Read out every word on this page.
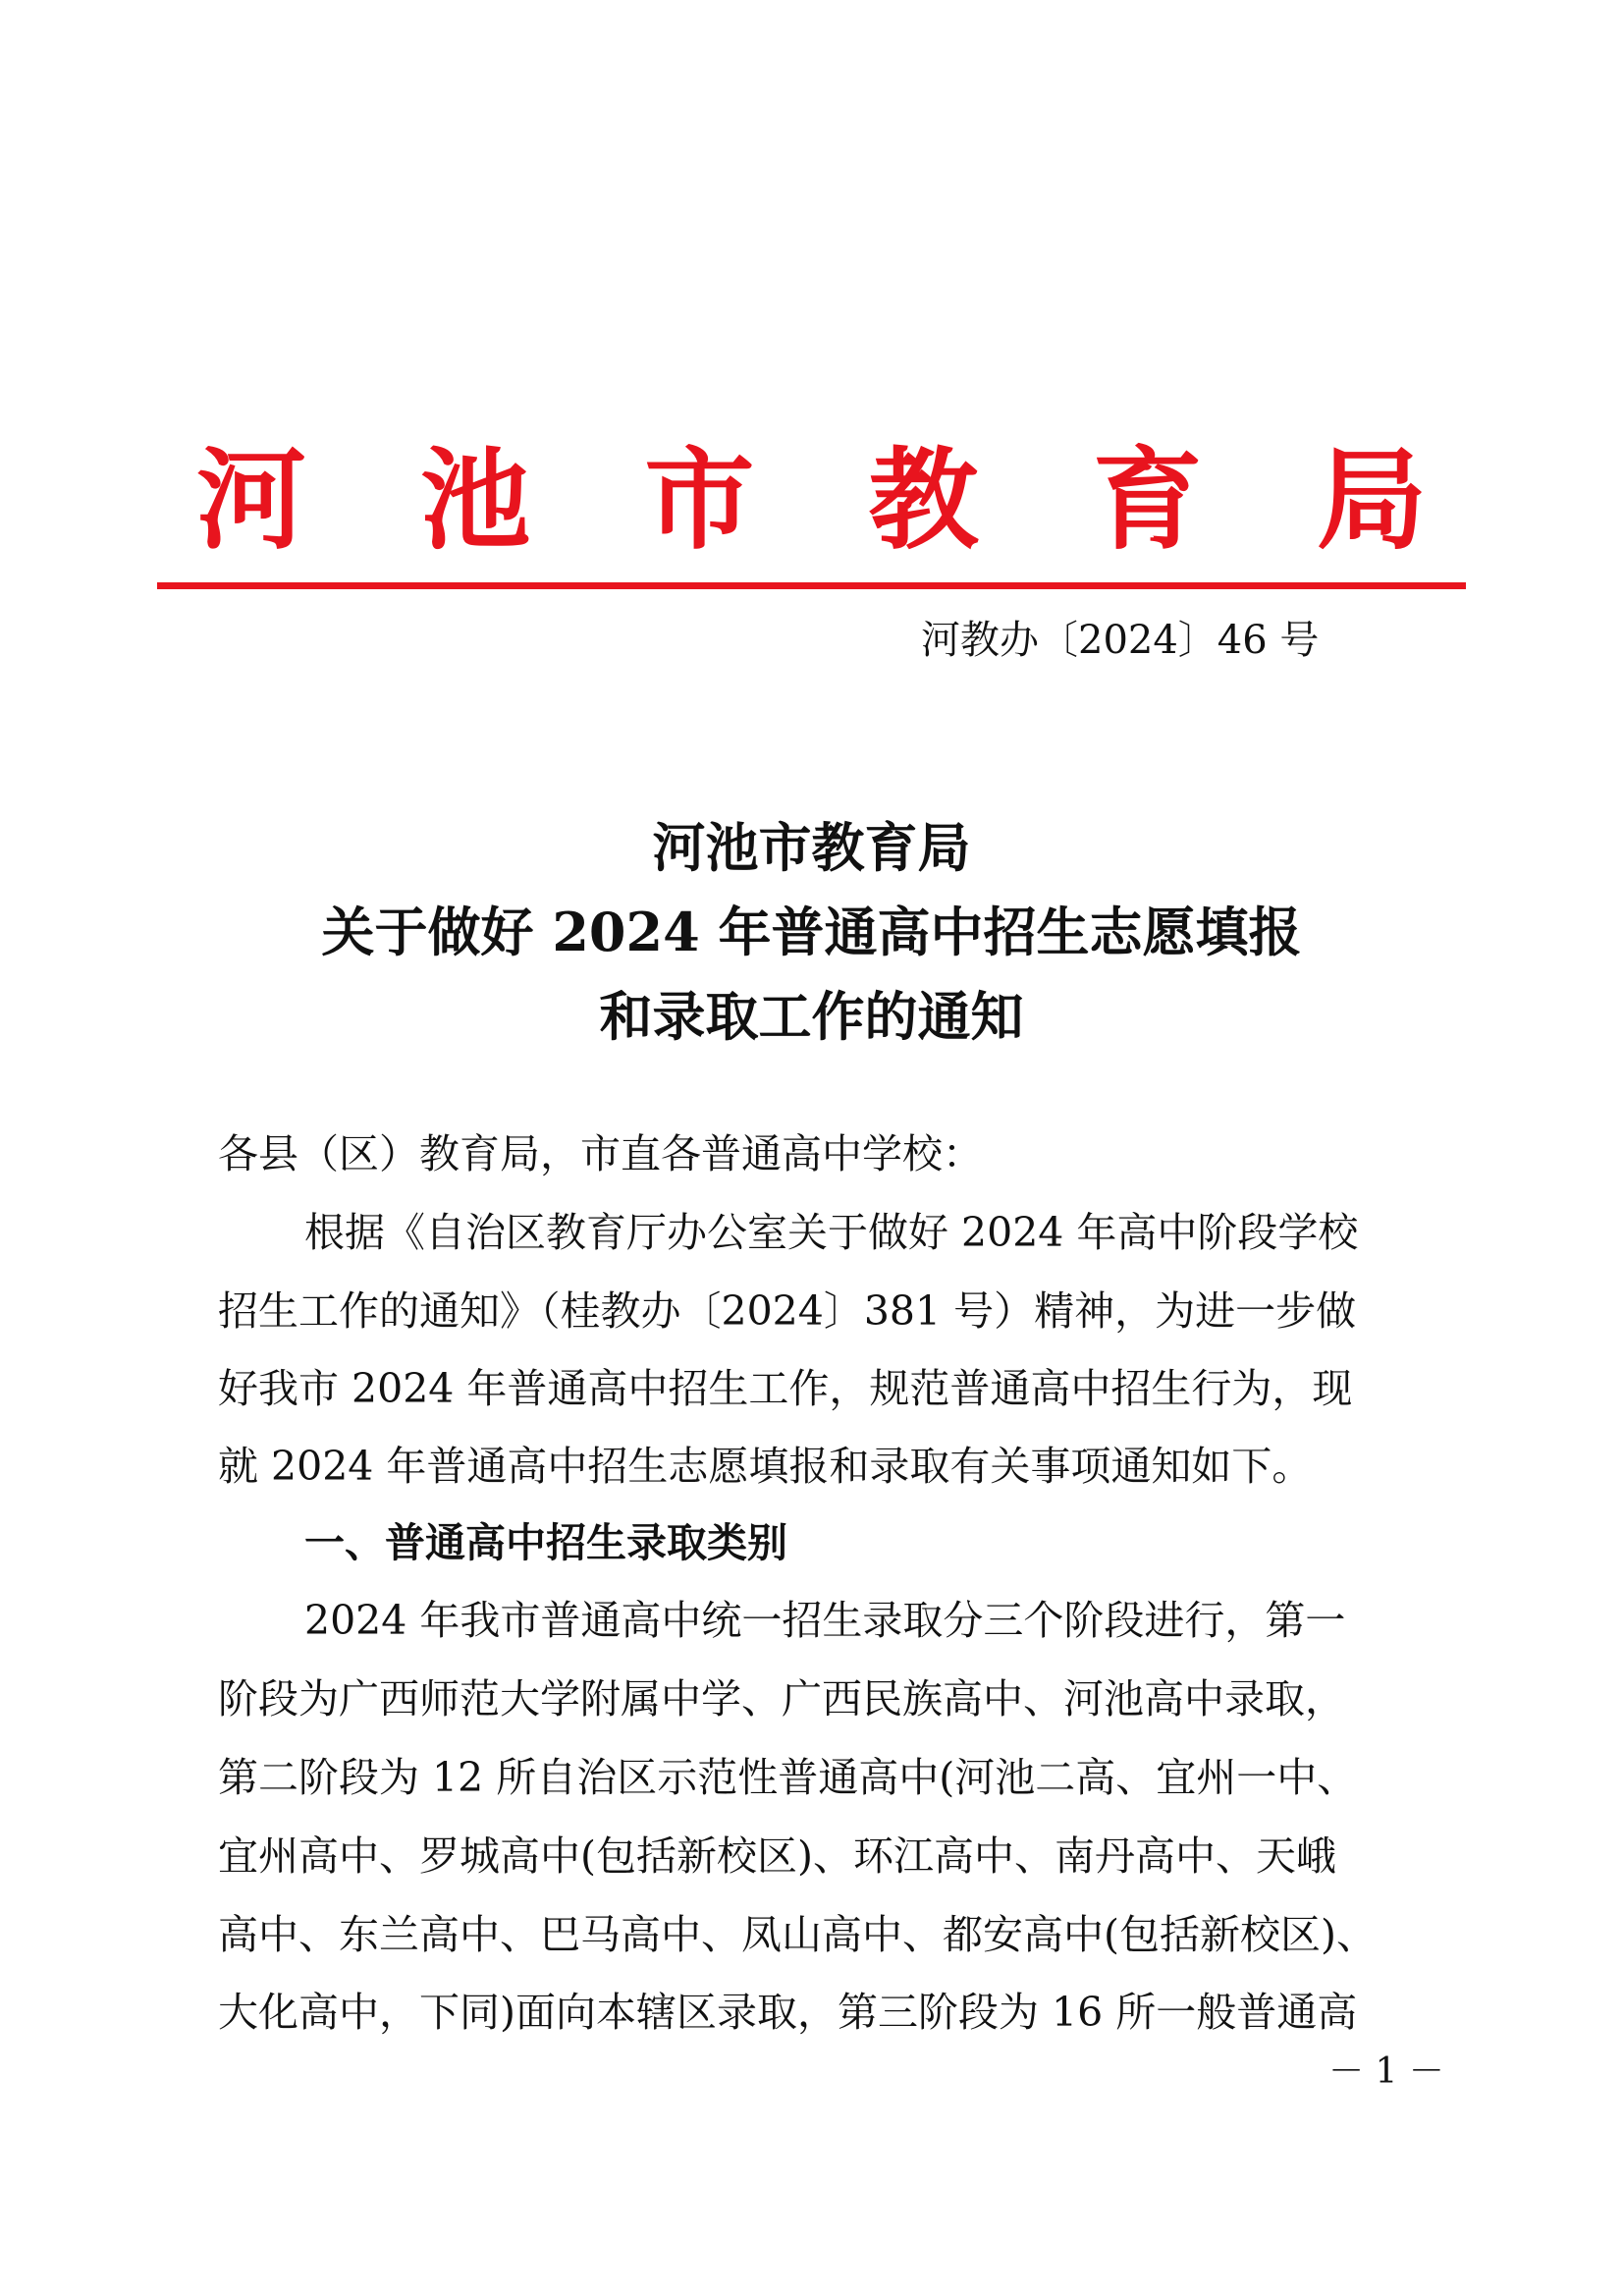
河 池 市 教 育 局
河教办〔2024〕46 号
河池市教育局
关于做好 2024 年普通高中招生志愿填报
和录取工作的通知
各县（区）教育局，市直各普通高中学校：
根据《自治区教育厅办公室关于做好 2024 年高中阶段学校
招生工作的通知》（桂教办〔2024〕381 号）精神，为进一步做
好我市 2024 年普通高中招生工作，规范普通高中招生行为，现
就 2024 年普通高中招生志愿填报和录取有关事项通知如下。
一、普通高中招生录取类别
2024 年我市普通高中统一招生录取分三个阶段进行，第一
阶段为广西师范大学附属中学、广西民族高中、河池高中录取，
第二阶段为 12 所自治区示范性普通高中(河池二高、宜州一中、
宜州高中、罗城高中(包括新校区)、环江高中、南丹高中、天峨
高中、东兰高中、巴马高中、凤山高中、都安高中(包括新校区)、
大化高中，下同)面向本辖区录取，第三阶段为 16 所一般普通高
－ 1 －
